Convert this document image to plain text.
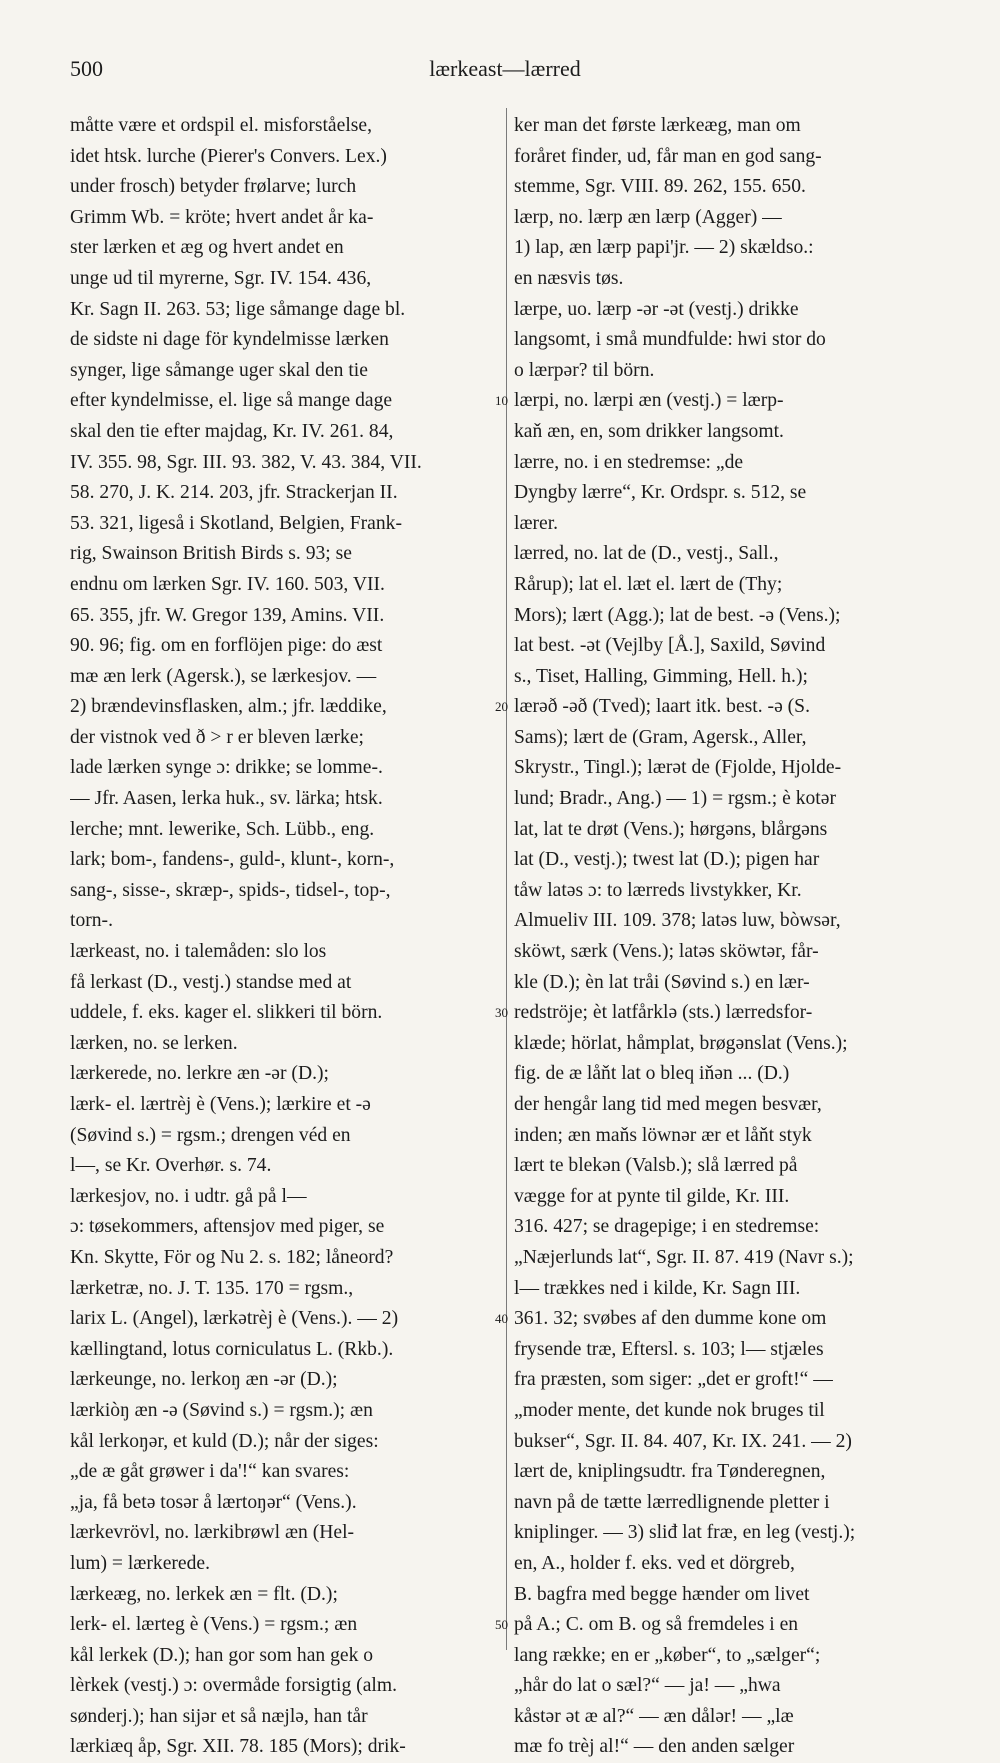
500	lærkeast—lærred
måtte være et ordspil el. misforståelse,
idet htsk. lurche (Pierer's Convers. Lex.)
under frosch) betyder frølarve; lurch
Grimm Wb. = kröte; hvert andet år ka-
ster lærken et æg og hvert andet en
unge ud til myrerne, Sgr. IV. 154. 436,
Kr. Sagn II. 263. 53; lige såmange dage bl.
de sidste ni dage för kyndelmisse lærken
synger, lige såmange uger skal den tie
efter kyndelmisse, el. lige så mange dage
skal den tie efter majdag, Kr. IV. 261. 84,
IV. 355. 98, Sgr. III. 93. 382, V. 43. 384, VII.
58. 270, J. K. 214. 203, jfr. Strackerjan II.
53. 321, ligeså i Skotland, Belgien, Frank-
rig, Swainson British Birds s. 93; se
endnu om lærken Sgr. IV. 160. 503, VII.
65. 355, jfr. W. Gregor 139, Amins. VII.
90. 96; fig. om en forflöjen pige: do æst
mæ æn lerk (Agersk.), se lærkesjov. —
2) brændevinsflasken, alm.; jfr. læddike,
der vistnok ved ð > r er bleven lærke;
lade lærken synge ɔ: drikke; se lomme-.
— Jfr. Aasen, lerka huk., sv. lärka; htsk.
lerche; mnt. lewerike, Sch. Lübb., eng.
lark; bom-, fandens-, guld-, klunt-, korn-,
sang-, sisse-, skræp-, spids-, tidsel-, top-,
torn-.
lærkeast, no. i talemåden: slo los
få lerkast (D., vestj.) standse med at
uddele, f. eks. kager el. slikkeri til börn.
lærken, no. se lerken.
lærkerede, no. lerkre æn -ər (D.);
lærk- el. lærtrèj è (Vens.); lærkire et -ə
(Søvind s.) = rgsm.; drengen véd en
l—, se Kr. Overhør. s. 74.
lærkesjov, no. i udtr. gå på l—
ɔ: tøsekommers, aftensjov med piger, se
Kn. Skytte, För og Nu 2. s. 182; låneord?
lærketræ, no. J. T. 135. 170 = rgsm.,
larix L. (Angel), lærkətrèj è (Vens.). — 2)
kællingtand, lotus corniculatus L. (Rkb.).
lærkeunge, no. lerkoŋ æn -ər (D.);
lærkiòŋ æn -ə (Søvind s.) = rgsm.); æn
kål lerkoŋər, et kuld (D.); når der siges:
„de æ gåt grøwer i da'!“ kan svares:
„ja, få betə tosər å lærtoŋər“ (Vens.).
lærkevrövl, no. lærkibrøwl æn (Hel-
lum) = lærkerede.
lærkeæg, no. lerkek æn = flt. (D.);
lerk- el. lærteg è (Vens.) = rgsm.; æn
kål lerkek (D.); han gor som han gek o
lèrkek (vestj.) ɔ: overmåde forsigtig (alm.
sønderj.); han sijər et så næjlə, han tår
lærkiæq åp, Sgr. XII. 78. 185 (Mors); drik-
10
20
30
40
50
ker man det første lærkeæg, man om
foråret finder, ud, får man en god sang-
stemme, Sgr. VIII. 89. 262, 155. 650.
lærp, no. lærp æn lærp (Agger) —
1) lap, æn lærp papi'jr. — 2) skældso.:
en næsvis tøs.
lærpe, uo. lærp -ər -ət (vestj.) drikke
langsomt, i små mundfulde: hwi stor do
o lærpər? til börn.
lærpi, no. lærpi æn (vestj.) = lærp-
kaň æn, en, som drikker langsomt.
lærre, no. i en stedremse: „de
Dyngby lærre“, Kr. Ordspr. s. 512, se
lærer.
lærred, no. lat de (D., vestj., Sall.,
Rårup); lat el. læt el. lært de (Thy;
Mors); lært (Agg.); lat de best. -ə (Vens.);
lat best. -ət (Vejlby [Å.], Saxild, Søvind
s., Tiset, Halling, Gimming, Hell. h.);
lærəð -əð (Tved); laart itk. best. -ə (S.
Sams); lært de (Gram, Agersk., Aller,
Skrystr., Tingl.); lærət de (Fjolde, Hjolde-
lund; Bradr., Ang.) — 1) = rgsm.; è kotər
lat, lat te drøt (Vens.); hørgəns, blårgəns
lat (D., vestj.); twest lat (D.); pigen har
tåw latəs ɔ: to lærreds livstykker, Kr.
Almueliv III. 109. 378; latəs luw, bòwsər,
sköwt, særk (Vens.); latəs sköwtər, får-
kle (D.); èn lat tråi (Søvind s.) en lær-
redströje; èt latfårklə (sts.) lærredsfor-
klæde; hörlat, håmplat, brøgənslat (Vens.);
fig. de æ låňt lat o bleq iňən ... (D.)
der hengår lang tid med megen besvær,
inden; æn maňs löwnər ær et låňt styk
lært te blekən (Valsb.); slå lærred på
vægge for at pynte til gilde, Kr. III.
316. 427; se dragepige; i en stedremse:
„Næjerlunds lat“, Sgr. II. 87. 419 (Navr s.);
l— trækkes ned i kilde, Kr. Sagn III.
361. 32; svøbes af den dumme kone om
frysende træ, Eftersl. s. 103; l— stjæles
fra præsten, som siger: „det er groft!“ —
„moder mente, det kunde nok bruges til
bukser“, Sgr. II. 84. 407, Kr. IX. 241. — 2)
lært de, kniplingsudtr. fra Tønderegnen,
navn på de tætte lærredlignende pletter i
kniplinger. — 3) sliđ lat fræ, en leg (vestj.);
en, A., holder f. eks. ved et dörgreb,
B. bagfra med begge hænder om livet
på A.; C. om B. og så fremdeles i en
lang række; en er „køber“, to „sælger“;
„hår do lat o sæl?“ — ja! — „hwa
kåstər ət æ al?“ — æn dålər! — „læ
mæ fo trèj al!“ — den anden sælger
